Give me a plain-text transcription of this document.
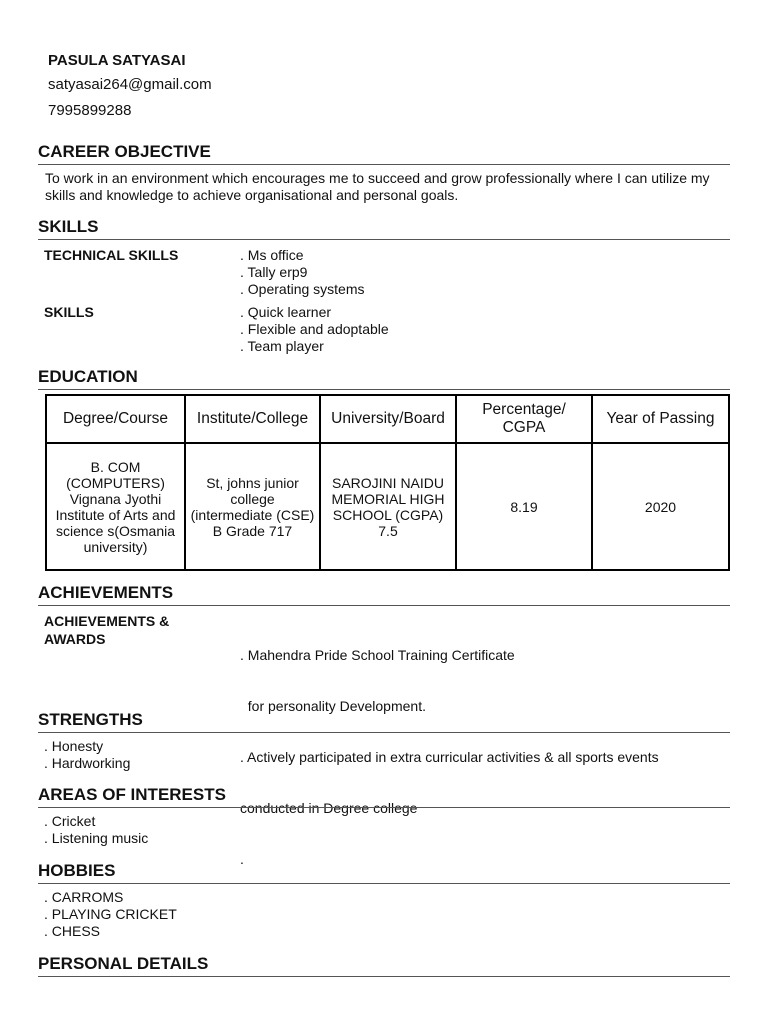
PASULA SATYASAI
satyasai264@gmail.com
7995899288
CAREER OBJECTIVE
To work in an environment which encourages me to succeed and grow professionally where I can utilize my skills and knowledge to achieve organisational and personal goals.
SKILLS
TECHNICAL SKILLS	. Ms office
. Tally erp9
. Operating systems
SKILLS	. Quick learner
. Flexible and adoptable
. Team player
EDUCATION
Degree/Course	Institute/College	University/Board	Percentage/ CGPA	Year of Passing
B. COM (COMPUTERS) Vignana Jyothi Institute of Arts and science s(Osmania university)	St, johns junior college (intermediate (CSE) B Grade 717	SAROJINI NAIDU MEMORIAL HIGH SCHOOL (CGPA) 7.5	8.19	2020
ACHIEVEMENTS
ACHIEVEMENTS & AWARDS

. Mahendra Pride School Training Certificate

for personality Development.

. Actively participated in extra curricular activities & all sports events

conducted in Degree college

.

STRENGTHS
. Honesty
. Hardworking
AREAS OF INTERESTS
. Cricket
. Listening music
HOBBIES
. CARROMS
. PLAYING CRICKET
. CHESS
PERSONAL DETAILS
